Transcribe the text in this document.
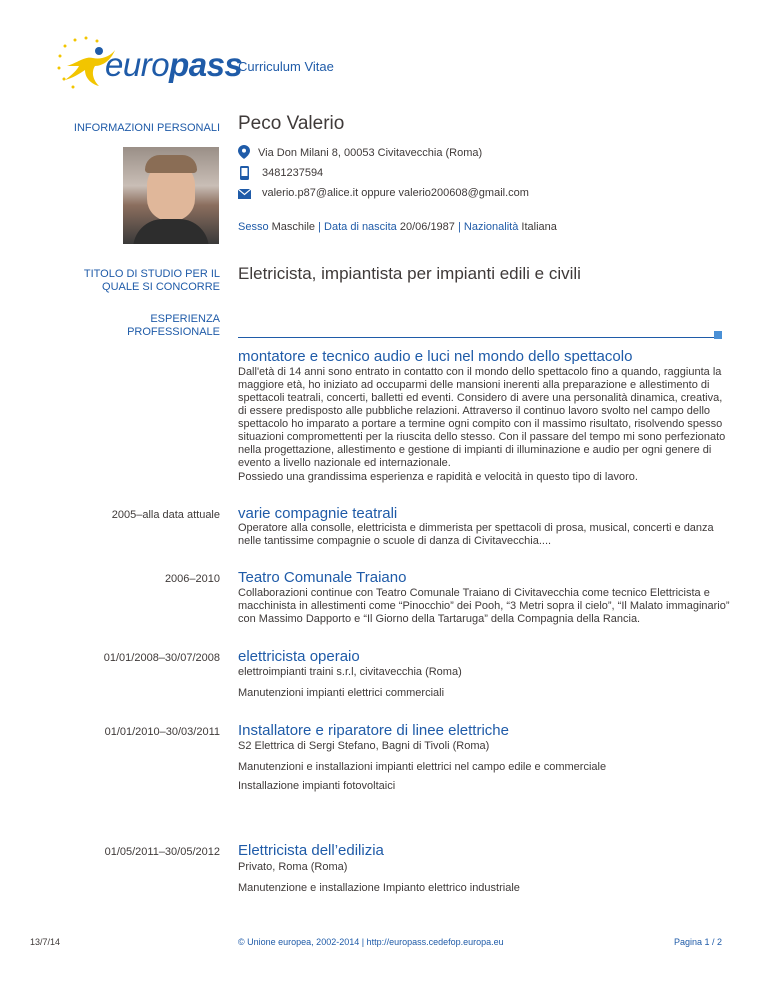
europass
Curriculum Vitae
INFORMAZIONI PERSONALI Peco Valerio
Via Don Milani 8, 00053 Civitavecchia (Roma)
3481237594
valerio.p87@alice.it oppure valerio200608@gmail.com
Sesso Maschile | Data di nascita 20/06/1987 | Nazionalità Italiana
TITOLO DI STUDIO PER IL QUALE SI CONCORRE
Eletricista, impiantista per impianti edili e civili
ESPERIENZA PROFESSIONALE
montatore e tecnico audio e luci nel mondo dello spettacolo
Dall'età di 14 anni sono entrato in contatto con il mondo dello spettacolo fino a quando, raggiunta la maggiore età, ho iniziato ad occuparmi delle mansioni inerenti alla preparazione e allestimento di spettacoli teatrali, concerti, balletti ed eventi. Considero di avere una personalità dinamica, creativa, di essere predisposto alle pubbliche relazioni. Attraverso il continuo lavoro svolto nel campo dello spettacolo ho imparato a portare a termine ogni compito con il massimo risultato, risolvendo spesso situazioni compromettenti per la riuscita dello stesso. Con il passare del tempo mi sono perfezionato nella progettazione, allestimento e gestione di impianti di illuminazione e audio per ogni genere di evento a livello nazionale ed internazionale.
Possiedo una grandissima esperienza e rapidità e velocità in questo tipo di lavoro.
2005–alla data attuale varie compagnie teatrali
Operatore alla consolle, elettricista e dimmerista per spettacoli di prosa, musical, concerti e danza nelle tantissime compagnie o scuole di danza di Civitavecchia....
2006–2010 Teatro Comunale Traiano
Collaborazioni continue con Teatro Comunale Traiano di Civitavecchia come tecnico Elettricista e macchinista in allestimenti come “Pinocchio” dei Pooh, “3 Metri sopra il cielo”, “Il Malato immaginario” con Massimo Dapporto e “Il Giorno della Tartaruga” della Compagnia della Rancia.
01/01/2008–30/07/2008 elettricista operaio
elettroimpianti traini s.r.l, civitavecchia (Roma)
Manutenzioni impianti elettrici commerciali
01/01/2010–30/03/2011 Installatore e riparatore di linee elettriche
S2 Elettrica di Sergi Stefano, Bagni di Tivoli (Roma)
Manutenzioni e installazioni impianti elettrici nel campo edile e commerciale
Installazione impianti fotovoltaici
01/05/2011–30/05/2012 Elettricista dell’edilizia
Privato, Roma (Roma)
Manutenzione e installazione Impianto elettrico industriale
13/7/14	© Unione europea, 2002-2014 | http://europass.cedefop.europa.eu	Pagina 1 / 2
